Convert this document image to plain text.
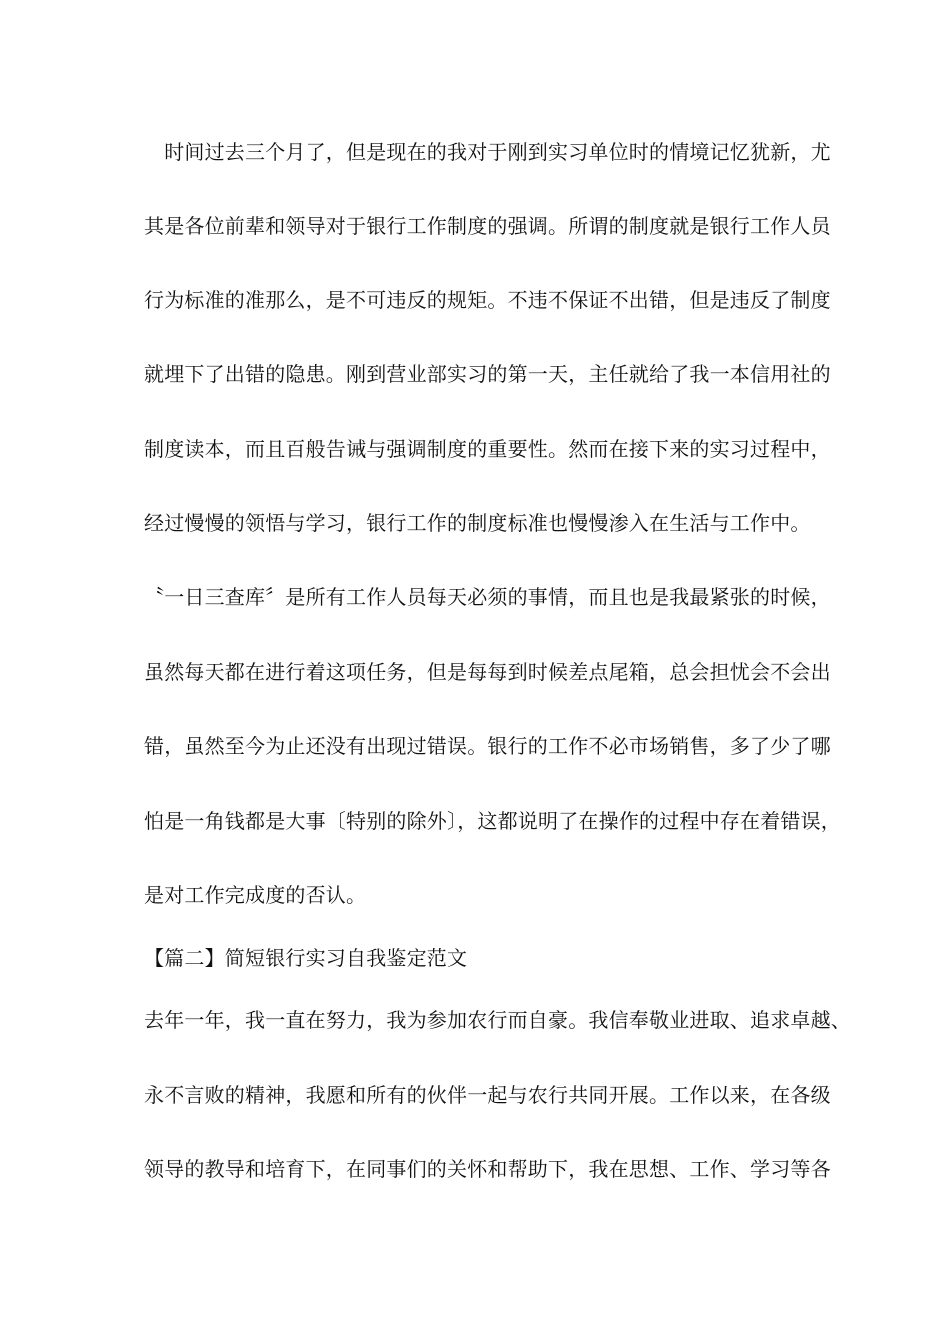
　时间过去三个月了，但是现在的我对于刚到实习单位时的情境记忆犹新，尤
其是各位前辈和领导对于银行工作制度的强调。所谓的制度就是银行工作人员
行为标准的准那么，是不可违反的规矩。不违不保证不出错，但是违反了制度
就埋下了出错的隐患。刚到营业部实习的第一天，主任就给了我一本信用社的
制度读本，而且百般告诫与强调制度的重要性。然而在接下来的实习过程中，
经过慢慢的领悟与学习，银行工作的制度标准也慢慢渗入在生活与工作中。
〝一日三查库〞是所有工作人员每天必须的事情，而且也是我最紧张的时候，
虽然每天都在进行着这项任务，但是每每到时候差点尾箱，总会担忧会不会出
错，虽然至今为止还没有出现过错误。银行的工作不必市场销售，多了少了哪
怕是一角钱都是大事〔特别的除外〕，这都说明了在操作的过程中存在着错误，
是对工作完成度的否认。
【篇二】简短银行实习自我鉴定范文
去年一年，我一直在努力，我为参加农行而自豪。我信奉敬业进取、追求卓越、
永不言败的精神，我愿和所有的伙伴一起与农行共同开展。工作以来，在各级
领导的教导和培育下，在同事们的关怀和帮助下，我在思想、工作、学习等各
